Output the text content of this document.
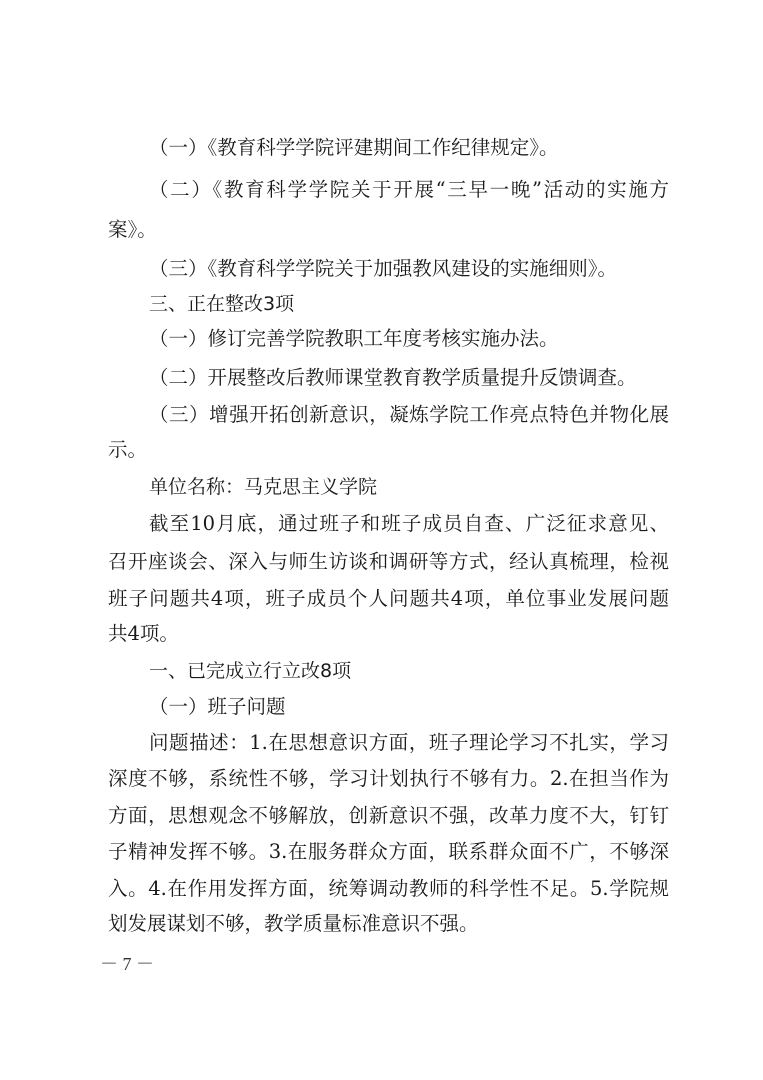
（一）《教育科学学院评建期间工作纪律规定》。
（二）《教育科学学院关于开展“三早一晚”活动的实施方
案》。
（三）《教育科学学院关于加强教风建设的实施细则》。
三、正在整改3项
（一）修订完善学院教职工年度考核实施办法。
（二）开展整改后教师课堂教育教学质量提升反馈调查。
（三）增强开拓创新意识，凝炼学院工作亮点特色并物化展
示。
单位名称：马克思主义学院
截至10月底，通过班子和班子成员自查、广泛征求意见、
召开座谈会、深入与师生访谈和调研等方式，经认真梳理，检视
班子问题共4项，班子成员个人问题共4项，单位事业发展问题
共4项。
一、已完成立行立改8项
（一）班子问题
问题描述：1.在思想意识方面，班子理论学习不扎实，学习
深度不够，系统性不够，学习计划执行不够有力。2.在担当作为
方面，思想观念不够解放，创新意识不强，改革力度不大，钉钉
子精神发挥不够。3.在服务群众方面，联系群众面不广，不够深
入。4.在作用发挥方面，统筹调动教师的科学性不足。5.学院规
划发展谋划不够，教学质量标准意识不强。
－ 7 －
